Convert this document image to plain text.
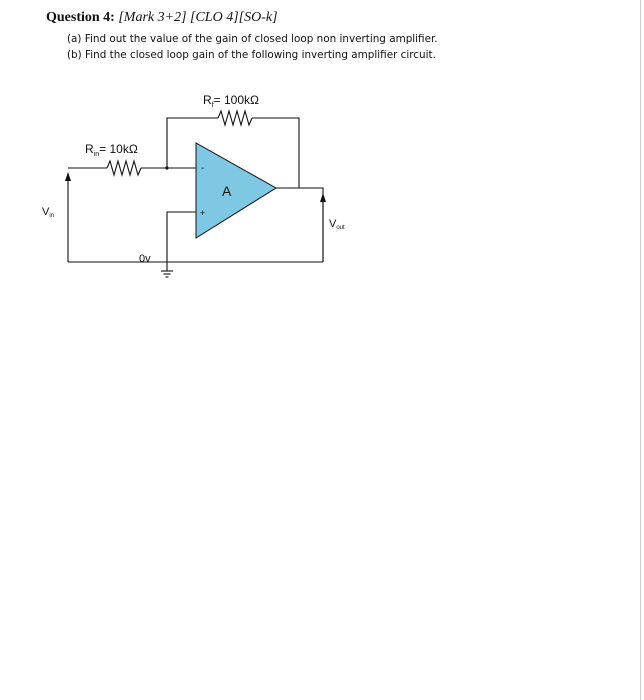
Question 4: [Mark 3+2] [CLO 4][SO-k]
(a) Find out the value of the gain of closed loop non inverting amplifier.
(b) Find the closed loop gain of the following inverting amplifier circuit.
A
-
+
$R_f= 100k\Omega$
$R_{in}= 10k\Omega$
Vin
Vout
0v
